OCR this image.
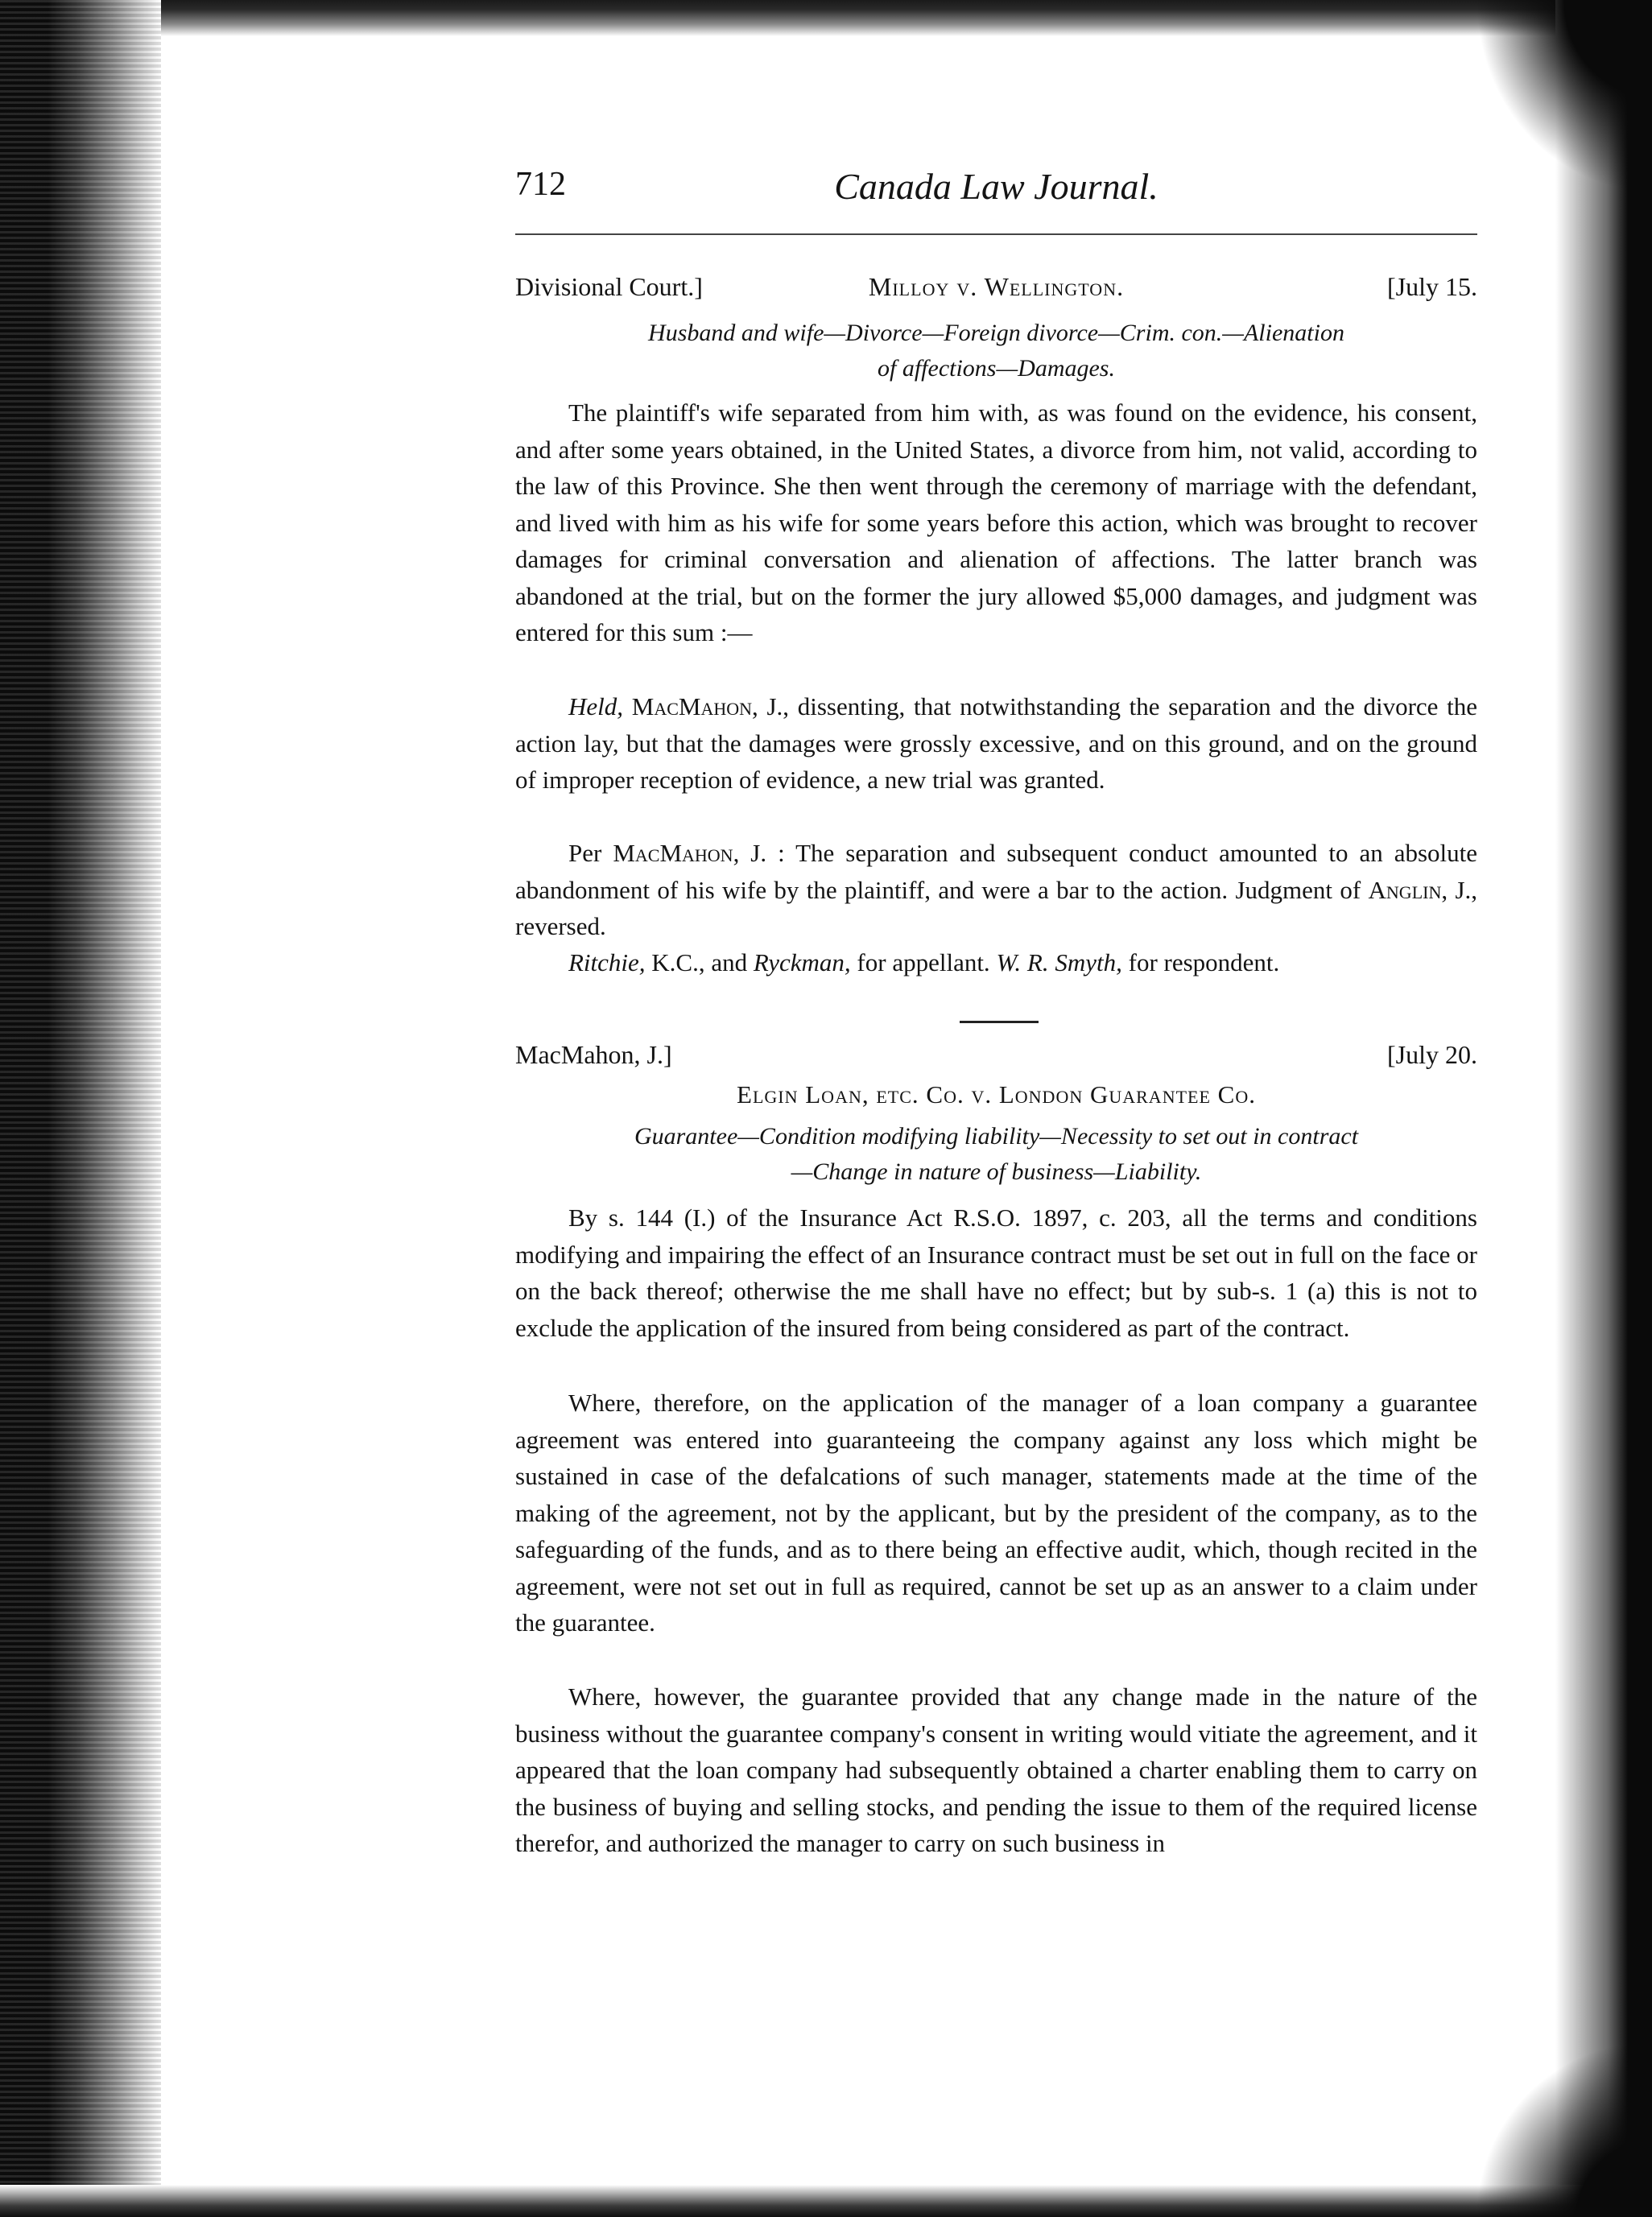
712	Canada Law Journal.
Divisional Court.]	Milloy v. Wellington.	[July 15.
Husband and wife—Divorce—Foreign divorce—Crim. con.—Alienation
of affections—Damages.

The plaintiff's wife separated from him with, as was found on the evidence, his consent, and after some years obtained, in the United States, a divorce from him, not valid, according to the law of this Province. She then went through the ceremony of marriage with the defendant, and lived with him as his wife for some years before this action, which was brought to recover damages for criminal conversation and alienation of affections. The latter branch was abandoned at the trial, but on the former the jury allowed $5,000 damages, and judgment was entered for this sum :—

Held, MacMahon, J., dissenting, that notwithstanding the separation and the divorce the action lay, but that the damages were grossly excessive, and on this ground, and on the ground of improper reception of evidence, a new trial was granted.

Per MacMahon, J. : The separation and subsequent conduct amounted to an absolute abandonment of his wife by the plaintiff, and were a bar to the action. Judgment of Anglin, J., reversed.

Ritchie, K.C., and Ryckman, for appellant. W. R. Smyth, for respondent.

MacMahon, J.]	[July 20.
Elgin Loan, etc. Co. v. London Guarantee Co.
Guarantee—Condition modifying liability—Necessity to set out in contract
—Change in nature of business—Liability.

By s. 144 (I.) of the Insurance Act R.S.O. 1897, c. 203, all the terms and conditions modifying and impairing the effect of an Insurance contract must be set out in full on the face or on the back thereof; otherwise the me shall have no effect; but by sub-s. 1 (a) this is not to exclude the application of the insured from being considered as part of the contract.

Where, therefore, on the application of the manager of a loan company a guarantee agreement was entered into guaranteeing the company against any loss which might be sustained in case of the defalcations of such manager, statements made at the time of the making of the agreement, not by the applicant, but by the president of the company, as to the safeguarding of the funds, and as to there being an effective audit, which, though recited in the agreement, were not set out in full as required, cannot be set up as an answer to a claim under the guarantee.

Where, however, the guarantee provided that any change made in the nature of the business without the guarantee company's consent in writing would vitiate the agreement, and it appeared that the loan company had subsequently obtained a charter enabling them to carry on the business of buying and selling stocks, and pending the issue to them of the required license therefor, and authorized the manager to carry on such business in
